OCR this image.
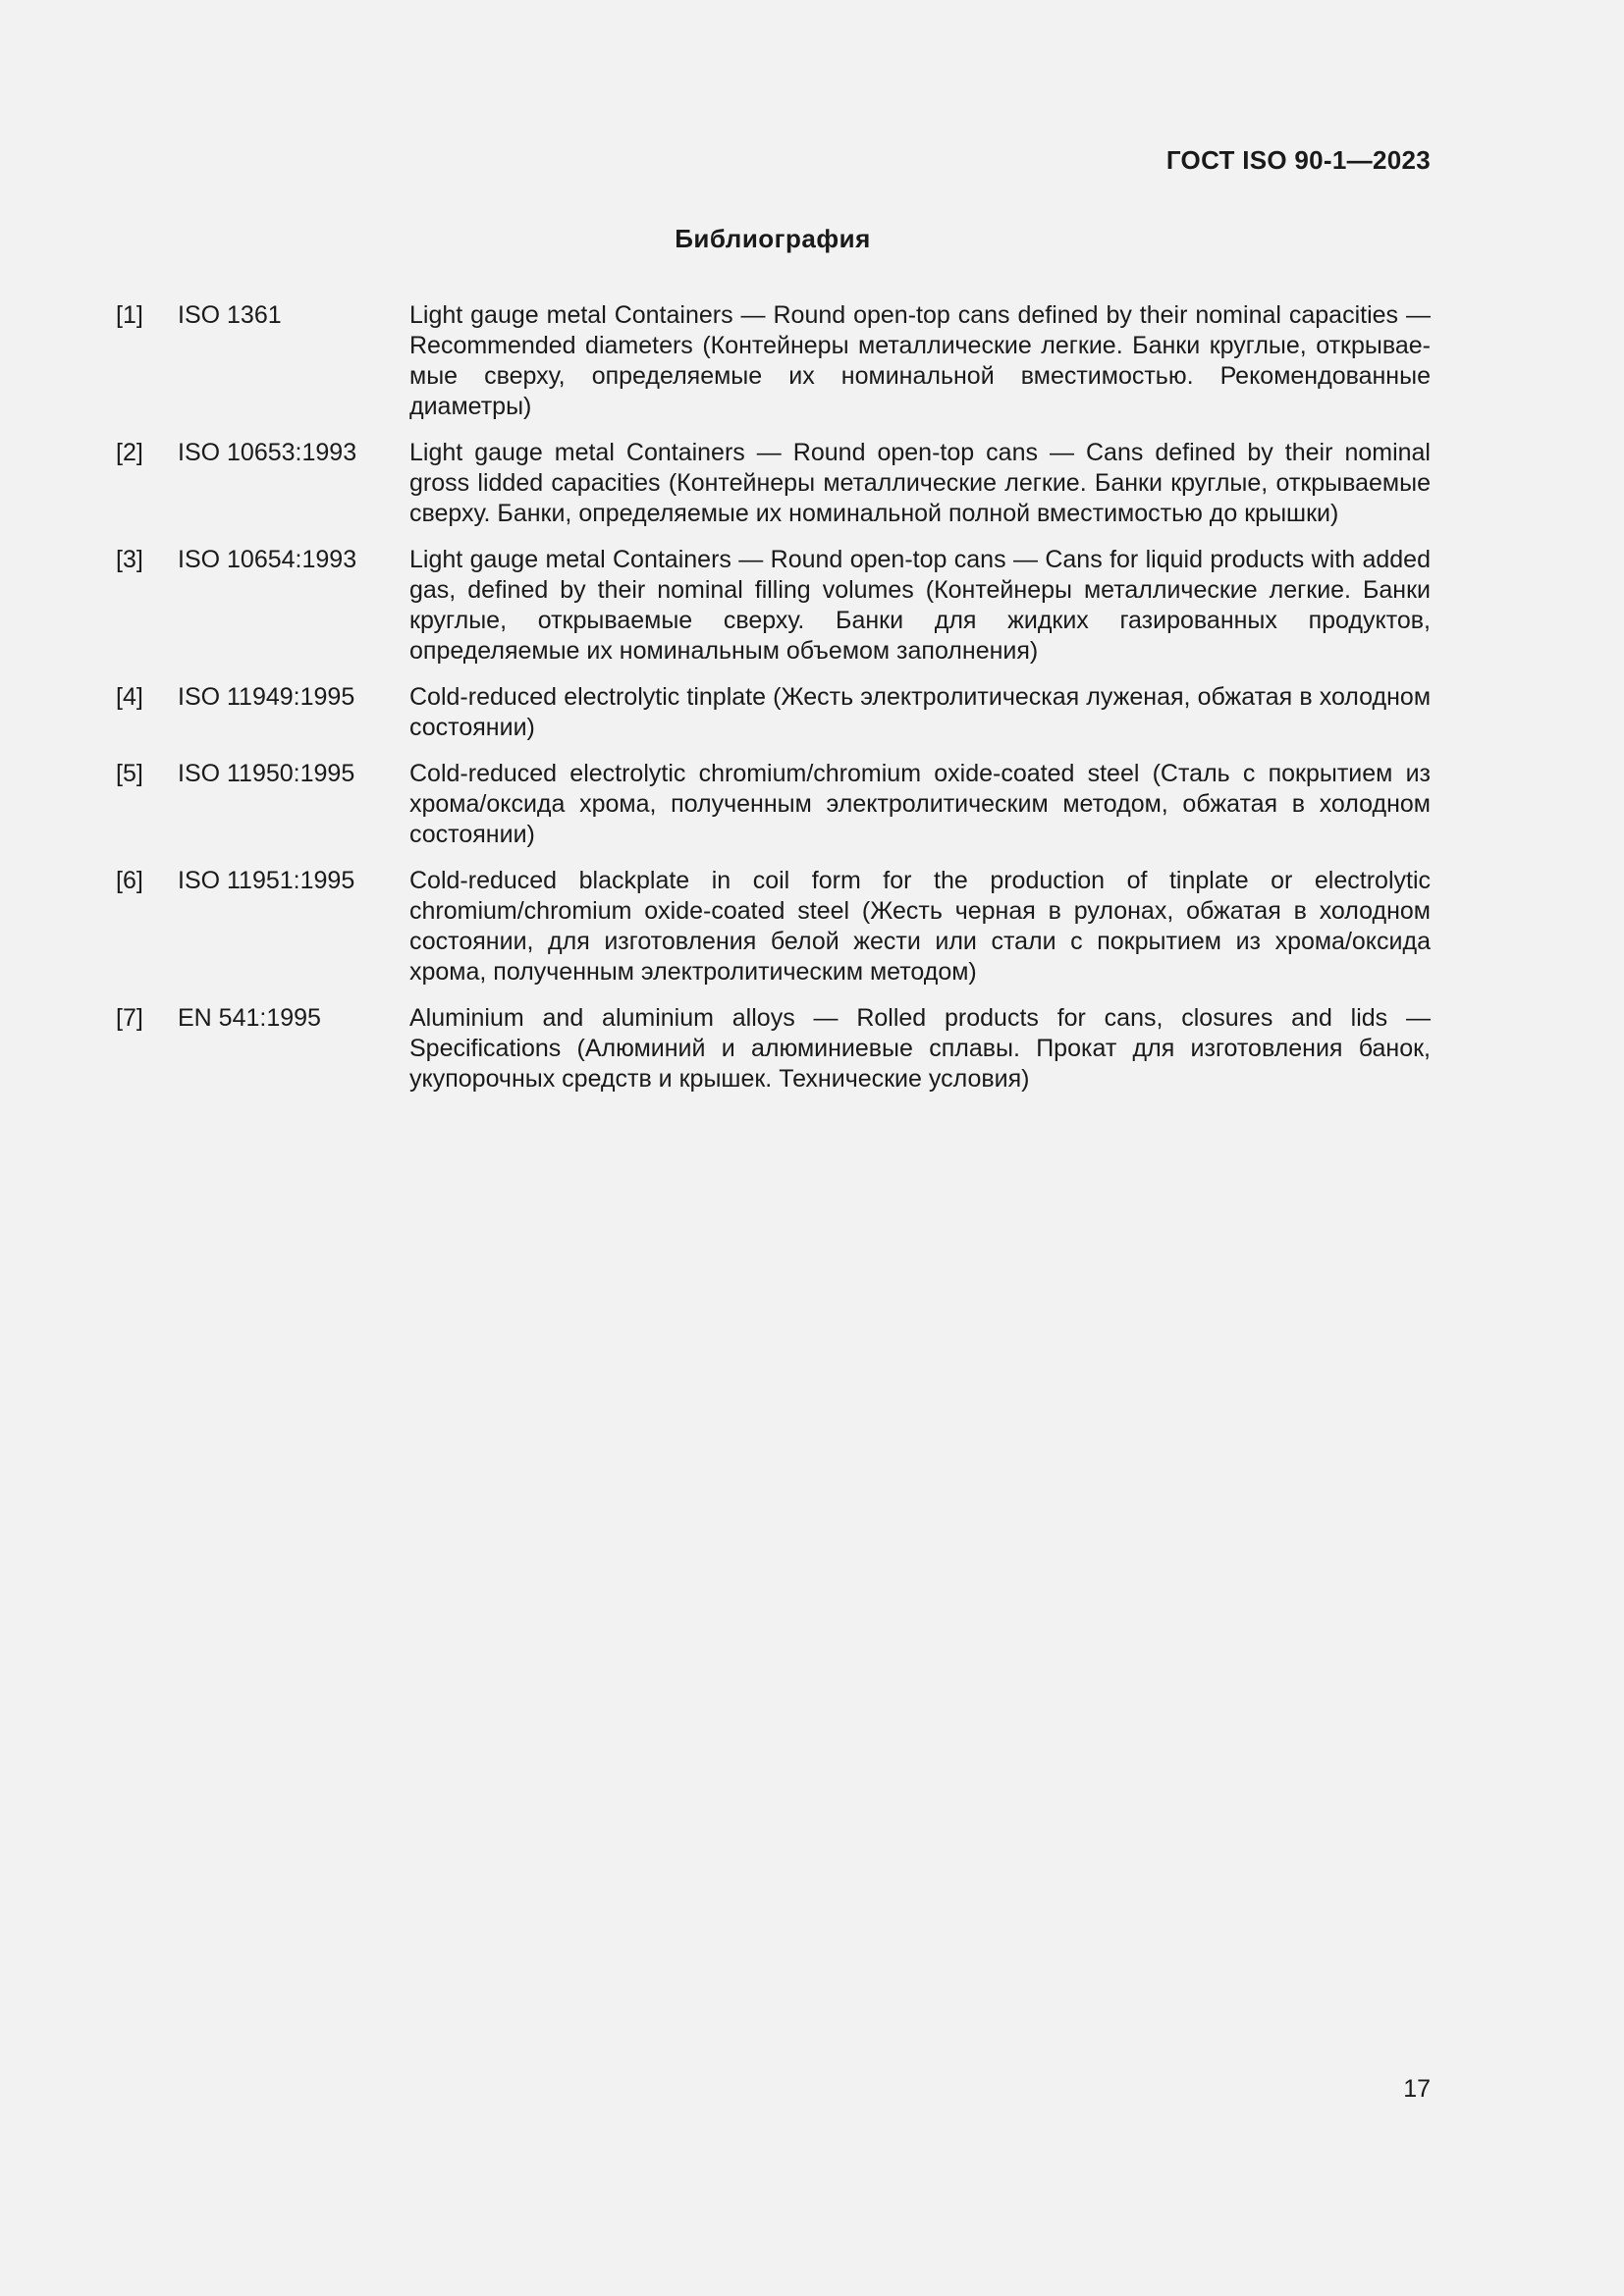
ГОСТ ISO 90-1—2023
Библиография
[1]	ISO 1361	Light gauge metal Containers — Round open-top cans defined by their nominal capacities — Recommended diameters (Контейнеры металлические легкие. Банки круглые, открываемые сверху, определяемые их номинальной вместимостью. Рекомендованные диаметры)
[2]	ISO 10653:1993	Light gauge metal Containers — Round open-top cans — Cans defined by their nominal gross lidded capacities (Контейнеры металлические легкие. Банки круглые, открываемые сверху. Банки, определяемые их номинальной полной вместимостью до крышки)
[3]	ISO 10654:1993	Light gauge metal Containers — Round open-top cans — Cans for liquid products with added gas, defined by their nominal filling volumes (Контейнеры металлические легкие. Банки круглые, открываемые сверху. Банки для жидких газированных продуктов, определяемые их номинальным объемом заполнения)
[4]	ISO 11949:1995	Cold-reduced electrolytic tinplate (Жесть электролитическая луженая, обжатая в холодном состоянии)
[5]	ISO 11950:1995	Cold-reduced electrolytic chromium/chromium oxide-coated steel (Сталь с покрытием из хрома/оксида хрома, полученным электролитическим методом, обжатая в холодном состоянии)
[6]	ISO 11951:1995	Cold-reduced blackplate in coil form for the production of tinplate or electrolytic chromium/chromium oxide-coated steel (Жесть черная в рулонах, обжатая в холодном состоянии, для изготовления белой жести или стали с покрытием из хрома/оксида хрома, полученным электролитическим методом)
[7]	EN 541:1995	Aluminium and aluminium alloys — Rolled products for cans, closures and lids — Specifications (Алюминий и алюминиевые сплавы. Прокат для изготовления банок, укупорочных средств и крышек. Технические условия)
17
